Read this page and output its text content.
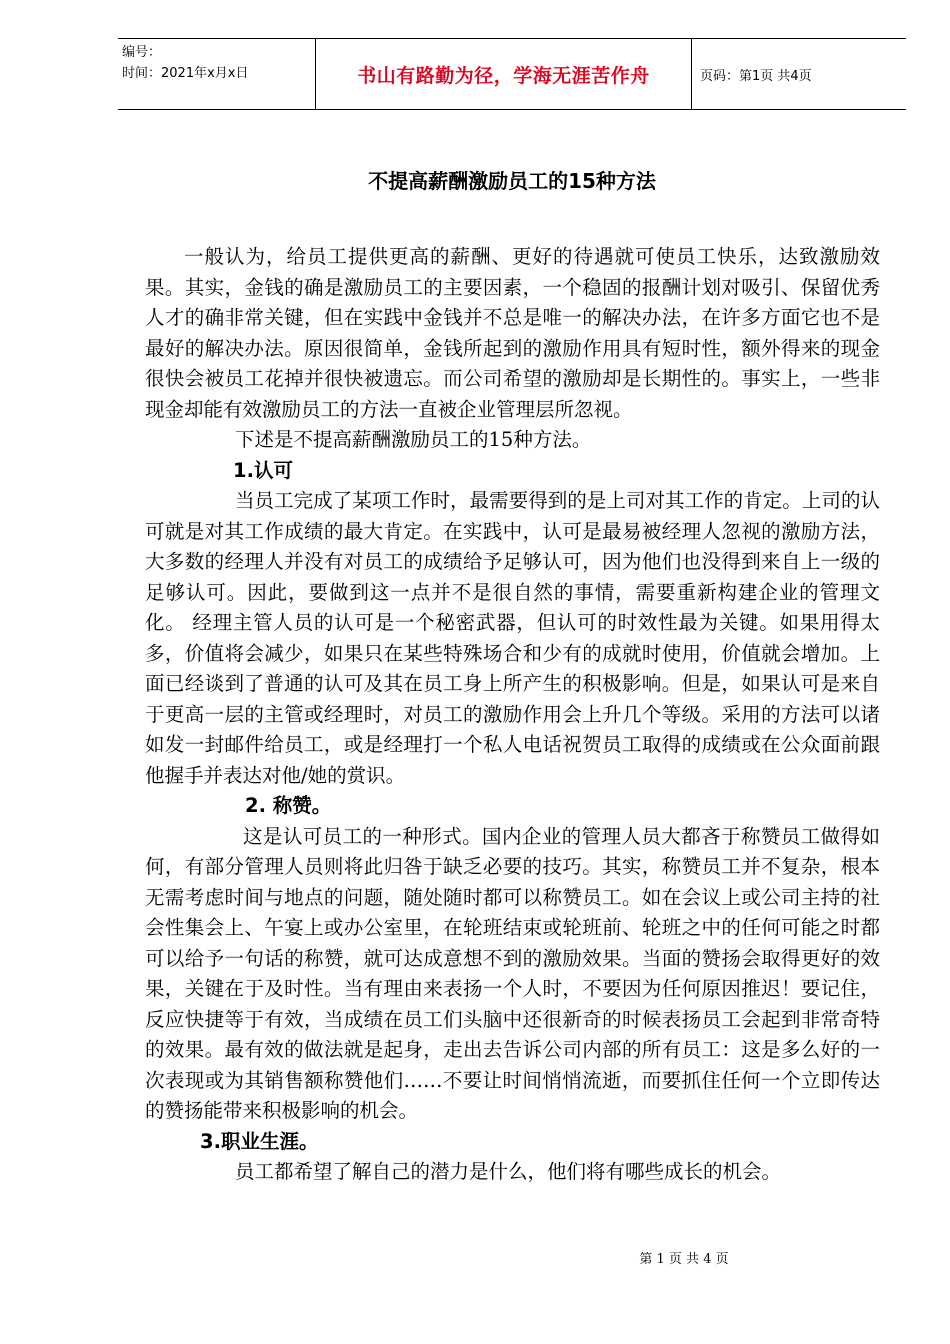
编号：
时间：2021年x月x日	书山有路勤为径，学海无涯苦作舟	页码：第1页 共4页
不提高薪酬激励员工的15种方法

一般认为，给员工提供更高的薪酬、更好的待遇就可使员工快乐，达致激励效果。其实，金钱的确是激励员工的主要因素，一个稳固的报酬计划对吸引、保留优秀人才的确非常关键，但在实践中金钱并不总是唯一的解决办法，在许多方面它也不是最好的解决办法。原因很简单，金钱所起到的激励作用具有短时性，额外得来的现金很快会被员工花掉并很快被遗忘。而公司希望的激励却是长期性的。事实上，一些非现金却能有效激励员工的方法一直被企业管理层所忽视。

下述是不提高薪酬激励员工的15种方法。

1.认可

当员工完成了某项工作时，最需要得到的是上司对其工作的肯定。上司的认可就是对其工作成绩的最大肯定。在实践中，认可是最易被经理人忽视的激励方法，大多数的经理人并没有对员工的成绩给予足够认可，因为他们也没得到来自上一级的足够认可。因此，要做到这一点并不是很自然的事情，需要重新构建企业的管理文化。 经理主管人员的认可是一个秘密武器，但认可的时效性最为关键。如果用得太多，价值将会减少，如果只在某些特殊场合和少有的成就时使用，价值就会增加。上面已经谈到了普通的认可及其在员工身上所产生的积极影响。但是，如果认可是来自于更高一层的主管或经理时，对员工的激励作用会上升几个等级。采用的方法可以诸如发一封邮件给员工，或是经理打一个私人电话祝贺员工取得的成绩或在公众面前跟他握手并表达对他/她的赏识。

2. 称赞。

这是认可员工的一种形式。国内企业的管理人员大都吝于称赞员工做得如何，有部分管理人员则将此归咎于缺乏必要的技巧。其实，称赞员工并不复杂，根本无需考虑时间与地点的问题，随处随时都可以称赞员工。如在会议上或公司主持的社会性集会上、午宴上或办公室里，在轮班结束或轮班前、轮班之中的任何可能之时都可以给予一句话的称赞，就可达成意想不到的激励效果。当面的赞扬会取得更好的效果，关键在于及时性。当有理由来表扬一个人时，不要因为任何原因推迟！要记住，反应快捷等于有效，当成绩在员工们头脑中还很新奇的时候表扬员工会起到非常奇特的效果。最有效的做法就是起身，走出去告诉公司内部的所有员工：这是多么好的一次表现或为其销售额称赞他们……不要让时间悄悄流逝，而要抓住任何一个立即传达的赞扬能带来积极影响的机会。

3.职业生涯。

员工都希望了解自己的潜力是什么，他们将有哪些成长的机会。

第 1 页 共 4 页
